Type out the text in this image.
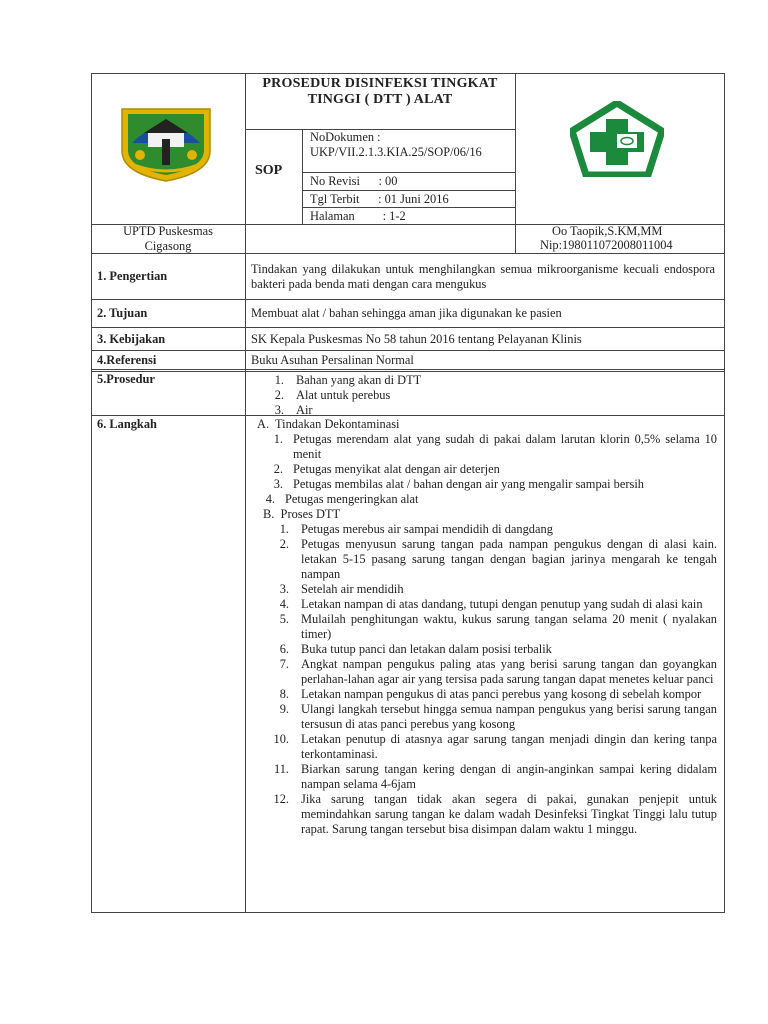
PROSEDUR DISINFEKSI TINGKAT TINGGI ( DTT ) ALAT
SOP
NoDokumen :
UKP/VII.2.1.3.KIA.25/SOP/06/16
No Revisi      : 00
Tgl Terbit      : 01 Juni 2016
Halaman         : 1-2
UPTD Puskesmas Cigasong
Oo Taopik,S.KM,MM
Nip:198011072008011004
1. Pengertian
2. Tujuan
3. Kebijakan
4.Referensi
5.Prosedur
6. Langkah
Tindakan yang dilakukan untuk menghilangkan semua mikroorganisme kecuali endospora bakteri pada benda mati dengan cara mengukus
Membuat alat / bahan sehingga aman jika digunakan ke pasien
SK Kepala Puskesmas No 58 tahun 2016 tentang Pelayanan Klinis
Buku Asuhan Persalinan Normal
1. Bahan yang akan di DTT
2. Alat untuk perebus
3. Air
A.  Tindakan Dekontaminasi
1. Petugas merendam alat yang sudah di pakai dalam larutan klorin 0,5% selama 10 menit
2. Petugas menyikat alat dengan air deterjen
3. Petugas membilas alat / bahan dengan air yang mengalir sampai bersih
4. Petugas mengeringkan alat
B.  Proses DTT
1. Petugas merebus air sampai mendidih di dangdang
2. Petugas menyusun sarung tangan pada nampan pengukus dengan di alasi kain. letakan 5-15 pasang sarung tangan dengan bagian jarinya mengarah ke tengah nampan
3. Setelah air mendidih
4. Letakan nampan di atas dandang, tutupi dengan penutup yang sudah di alasi kain
5. Mulailah penghitungan waktu, kukus sarung tangan selama 20 menit ( nyalakan timer)
6. Buka tutup panci dan letakan dalam posisi terbalik
7. Angkat nampan pengukus paling atas yang berisi sarung tangan dan goyangkan perlahan-lahan agar air yang tersisa pada sarung tangan dapat menetes keluar panci
8. Letakan nampan pengukus di atas panci perebus yang kosong di sebelah kompor
9. Ulangi langkah tersebut hingga semua nampan pengukus yang berisi sarung tangan tersusun di atas panci perebus yang kosong
10. Letakan penutup di atasnya agar sarung tangan menjadi dingin dan kering tanpa terkontaminasi.
11. Biarkan sarung tangan kering dengan di angin-anginkan sampai kering didalam nampan selama 4-6jam
12. Jika sarung tangan tidak akan segera di pakai, gunakan penjepit untuk memindahkan sarung tangan ke dalam wadah Desinfeksi Tingkat Tinggi lalu tutup rapat. Sarung tangan tersebut bisa disimpan dalam waktu 1 minggu.
